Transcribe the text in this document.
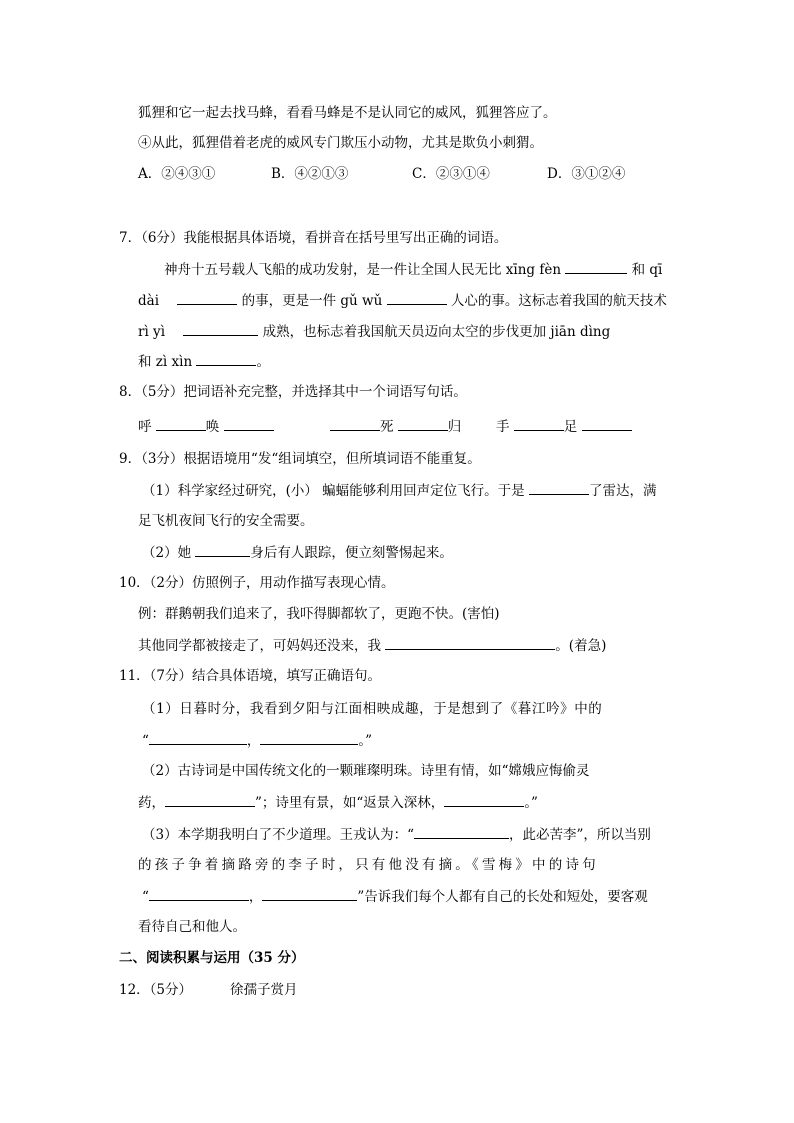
狐狸和它一起去找马蜂，看看马蜂是不是认同它的威风，狐狸答应了。
④从此，狐狸借着老虎的威风专门欺压小动物，尤其是欺负小刺猬。
A．②④③①	B．④②①③	C．②③①④	D．③①②④
7．（6分）我能根据具体语境，看拼音在括号里写出正确的词语。
神舟十五号载人飞船的成功发射，是一件让全国人民无比 xīng fèn	和 qī
dài	的事，更是一件 gǔ wǔ	人心的事。这标志着我国的航天技术
rì yì	成熟，也标志着我国航天员迈向太空的步伐更加 jiān dìng
和 zì xìn	。
8．（5分）把词语补充完整，并选择其中一个词语写句话。
呼	唤	死	归	手	足
9．（3分）根据语境用“发“组词填空，但所填词语不能重复。
（1）科学家经过研究，(小） 蝙蝠能够利用回声定位飞行。于是	了雷达，满
足飞机夜间飞行的安全需要。
（2）她	身后有人跟踪，便立刻警惕起来。
10．（2分）仿照例子，用动作描写表现心情。
例：群鹅朝我们追来了，我吓得脚都软了，更跑不快。(害怕)
其他同学都被接走了，可妈妈还没来，我	。(着急)
11．（7分）结合具体语境，填写正确语句。
（1）日暮时分，我看到夕阳与江面相映成趣，于是想到了《暮江吟》中的
“	，	。”
（2）古诗词是中国传统文化的一颗璀璨明珠。诗里有情，如“嫦娥应悔偷灵
药，	”；诗里有景，如“返景入深林，	。”
（3）本学期我明白了不少道理。王戎认为：“	，此必苦李”，所以当别
的孩子争着摘路旁的李子时，只有他没有摘。《雪梅》中的诗句
“	，	”告诉我们每个人都有自己的长处和短处，要客观
看待自己和他人。
二、阅读积累与运用（35 分）
12．（5分）	徐孺子赏月
